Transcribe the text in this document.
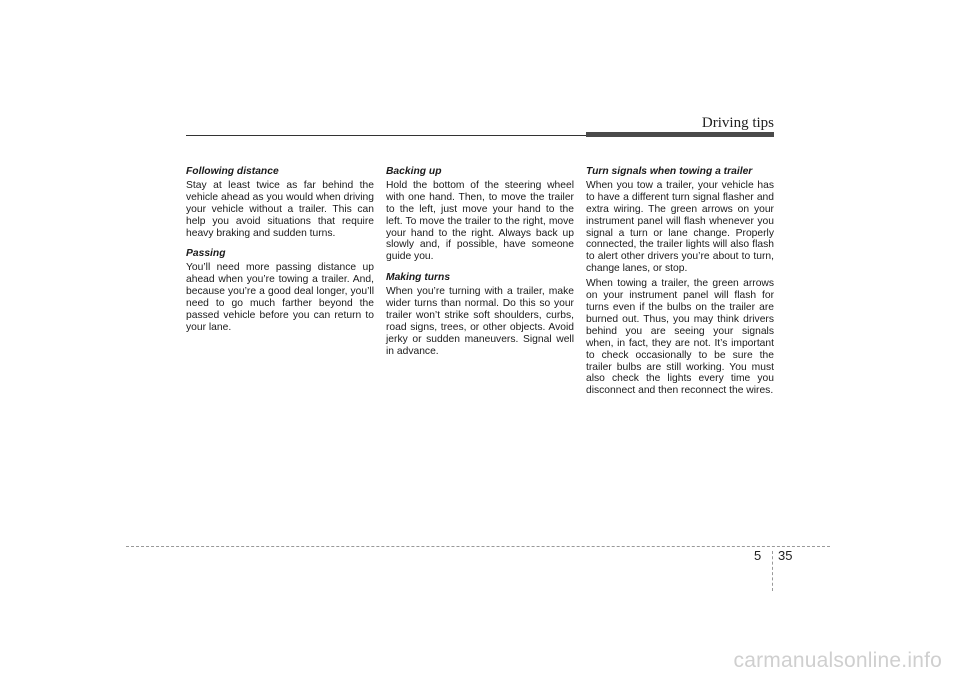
Driving tips
Following distance

Stay at least twice as far behind the vehicle ahead as you would when driving your vehicle without a trailer. This can help you avoid situations that require heavy braking and sudden turns.

Passing

You’ll need more passing distance up ahead when you’re towing a trailer. And, because you’re a good deal longer, you’ll need to go much farther beyond the passed vehicle before you can return to your lane.

Backing up

Hold the bottom of the steering wheel with one hand. Then, to move the trailer to the left, just move your hand to the left. To move the trailer to the right, move your hand to the right. Always back up slowly and, if possible, have someone guide you.

Making turns

When you’re turning with a trailer, make wider turns than normal. Do this so your trailer won’t strike soft shoulders, curbs, road signs, trees, or other objects. Avoid jerky or sudden maneuvers. Signal well in advance.

Turn signals when towing a trailer

When you tow a trailer, your vehicle has to have a different turn signal flasher and extra wiring. The green arrows on your instrument panel will flash whenever you signal a turn or lane change. Properly connected, the trailer lights will also flash to alert other drivers you’re about to turn, change lanes, or stop.

When towing a trailer, the green arrows on your instrument panel will flash for turns even if the bulbs on the trailer are burned out. Thus, you may think drivers behind you are seeing your signals when, in fact, they are not. It’s important to check occasionally to be sure the trailer bulbs are still working. You must also check the lights every time you disconnect and then reconnect the wires.

5 35
carmanualsonline.info
